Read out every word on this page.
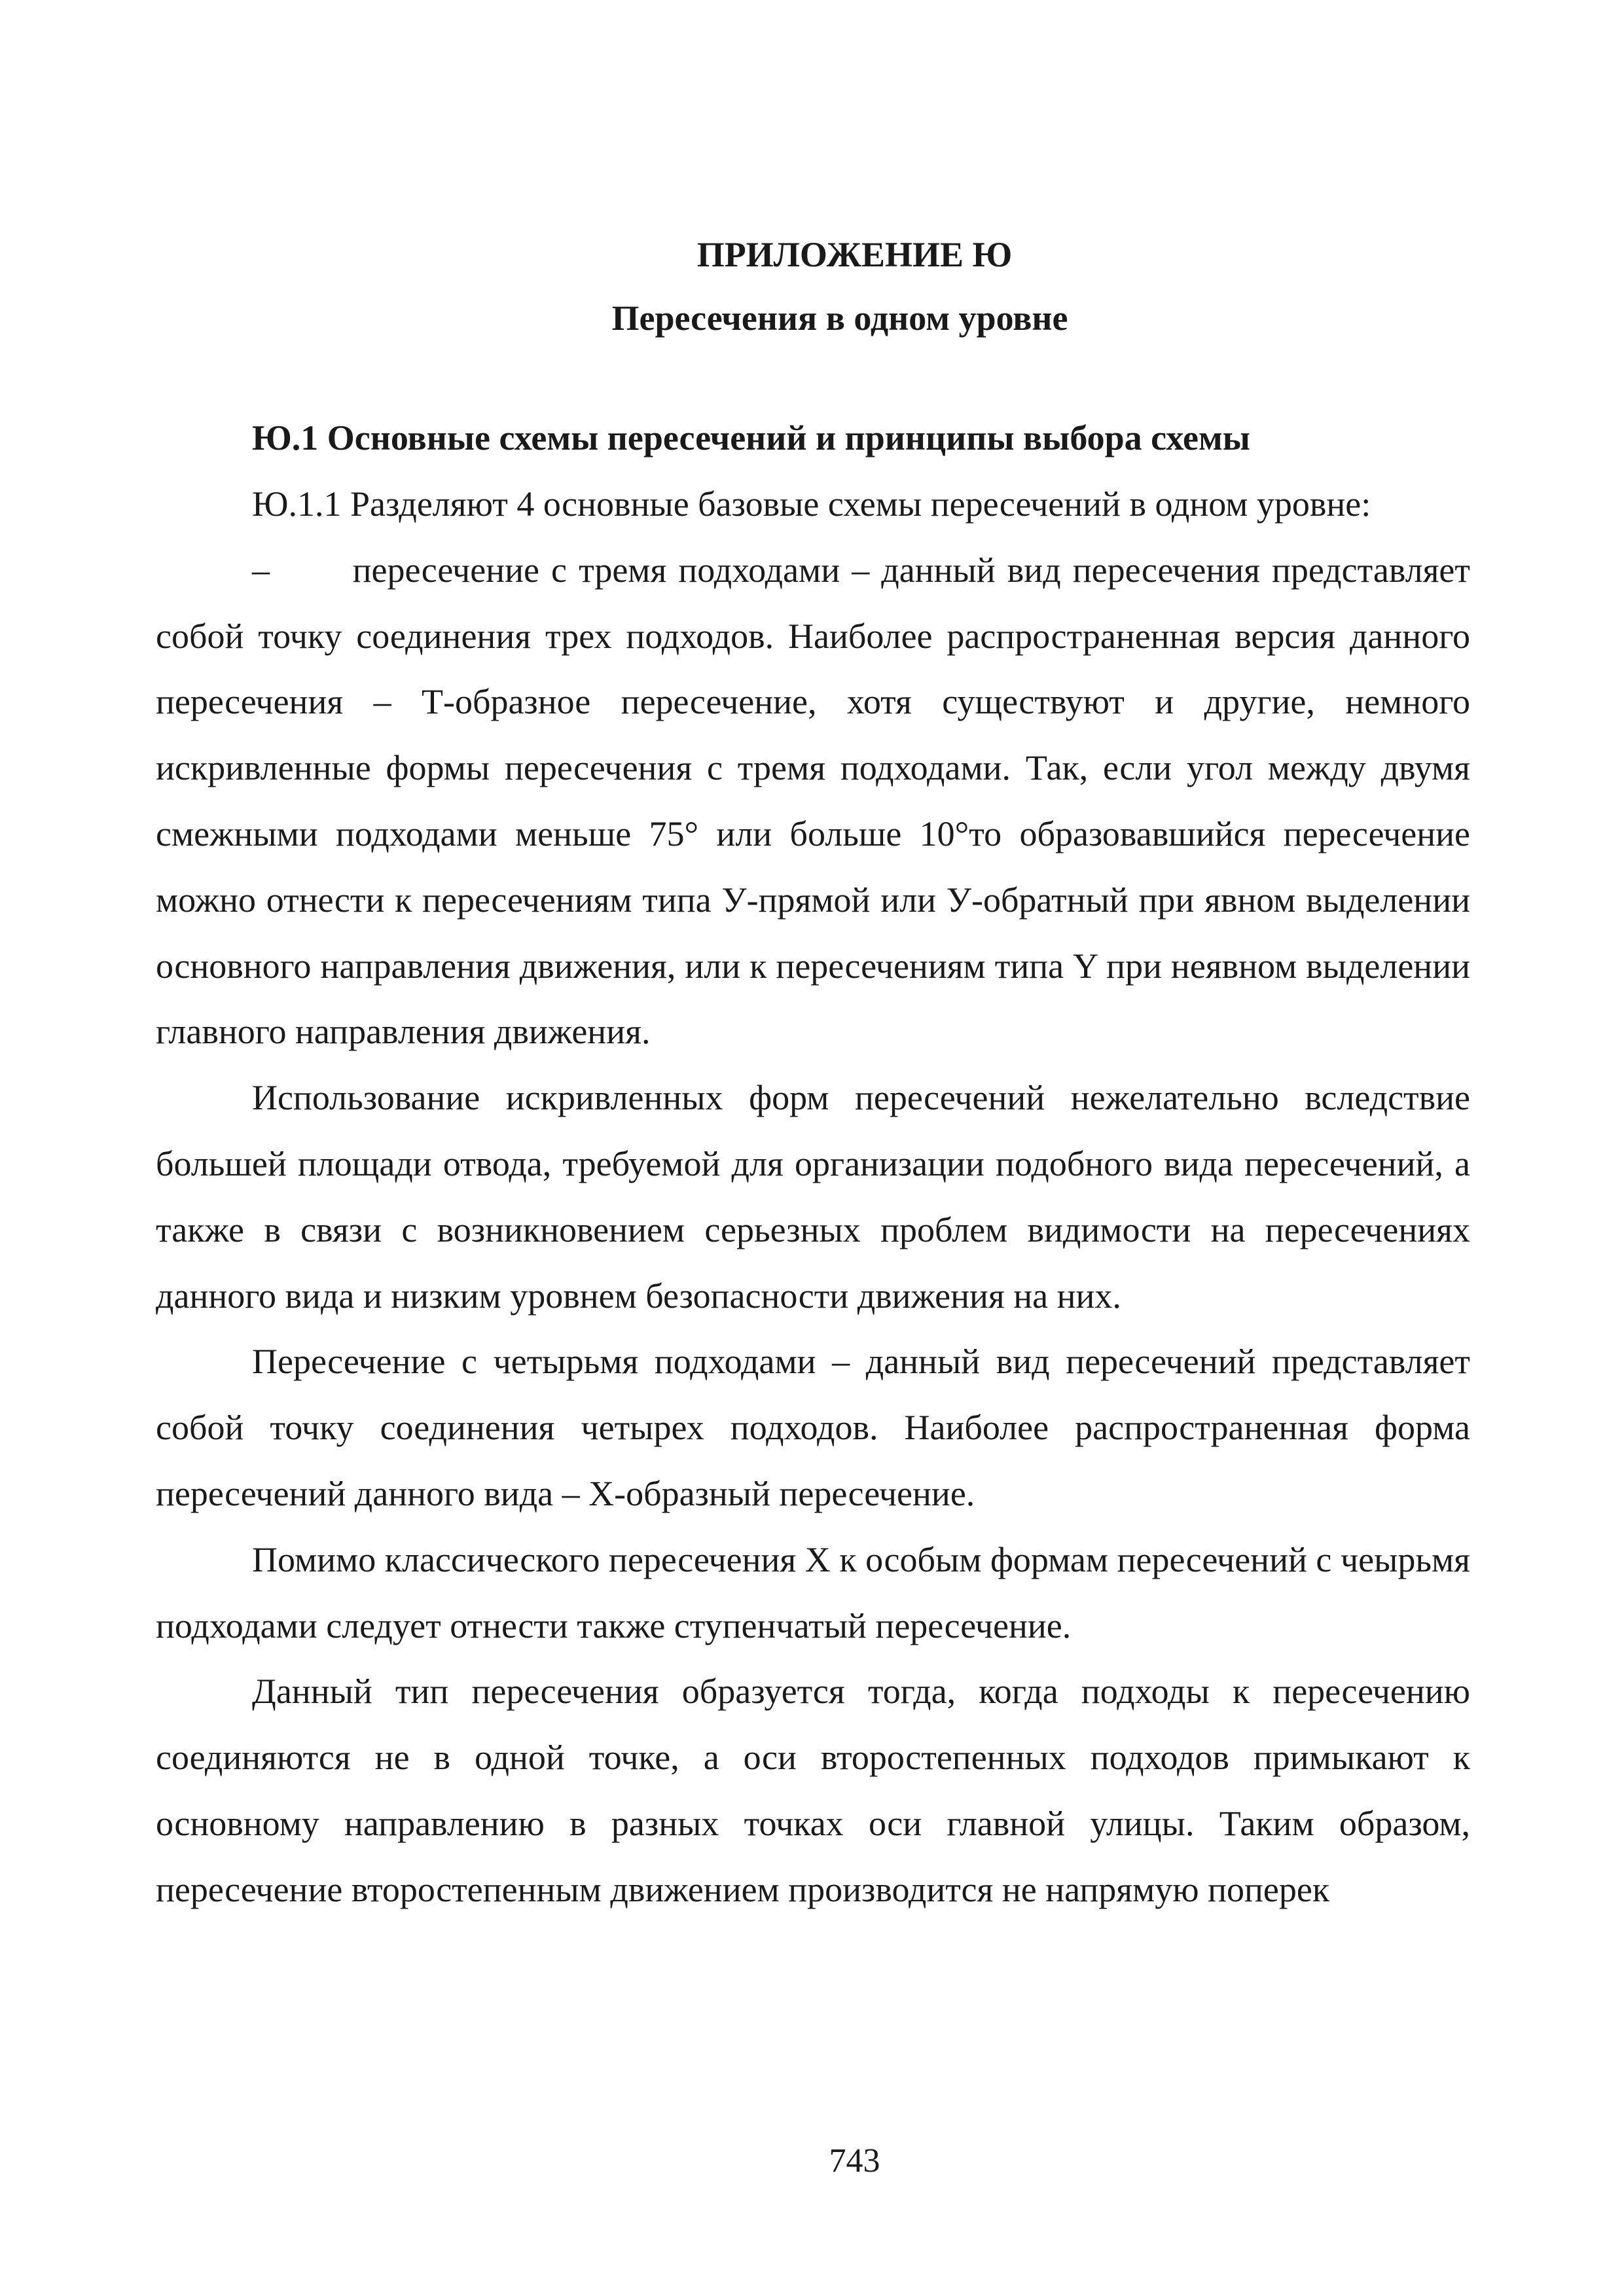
ПРИЛОЖЕНИЕ Ю
Пересечения в одном уровне
Ю.1 Основные схемы пересечений и принципы выбора схемы

Ю.1.1 Разделяют 4 основные базовые схемы пересечений в одном уровне:

–       пересечение с тремя подходами – данный вид пересечения представляет собой точку соединения трех подходов. Наиболее распространенная версия данного пересечения – Т-образное пересечение, хотя существуют и другие, немного искривленные формы пересечения с тремя подходами. Так, если угол между двумя смежными подходами меньше 75° или больше 10°то образовавшийся пересечение можно отнести к пересечениям типа У-прямой или У-обратный при явном выделении основного направления движения, или к пересечениям типа Y при неявном выделении главного направления движения.

Использование искривленных форм пересечений нежелательно вследствие большей площади отвода, требуемой для организации подобного вида пересечений, а также в связи с возникновением серьезных проблем видимости на пересечениях данного вида и низким уровнем безопасности движения на них.

Пересечение с четырьмя подходами – данный вид пересечений представляет собой точку соединения четырех подходов. Наиболее распространенная форма пересечений данного вида – Х-образный пересечение.

Помимо классического пересечения Х к особым формам пересечений с чеырьмя подходами следует отнести также ступенчатый пересечение.

Данный тип пересечения образуется тогда, когда подходы к пересечению соединяются не в одной точке, а оси второстепенных подходов примыкают к основному направлению в разных точках оси главной улицы. Таким образом, пересечение второстепенным движением производится не напрямую поперек

743
